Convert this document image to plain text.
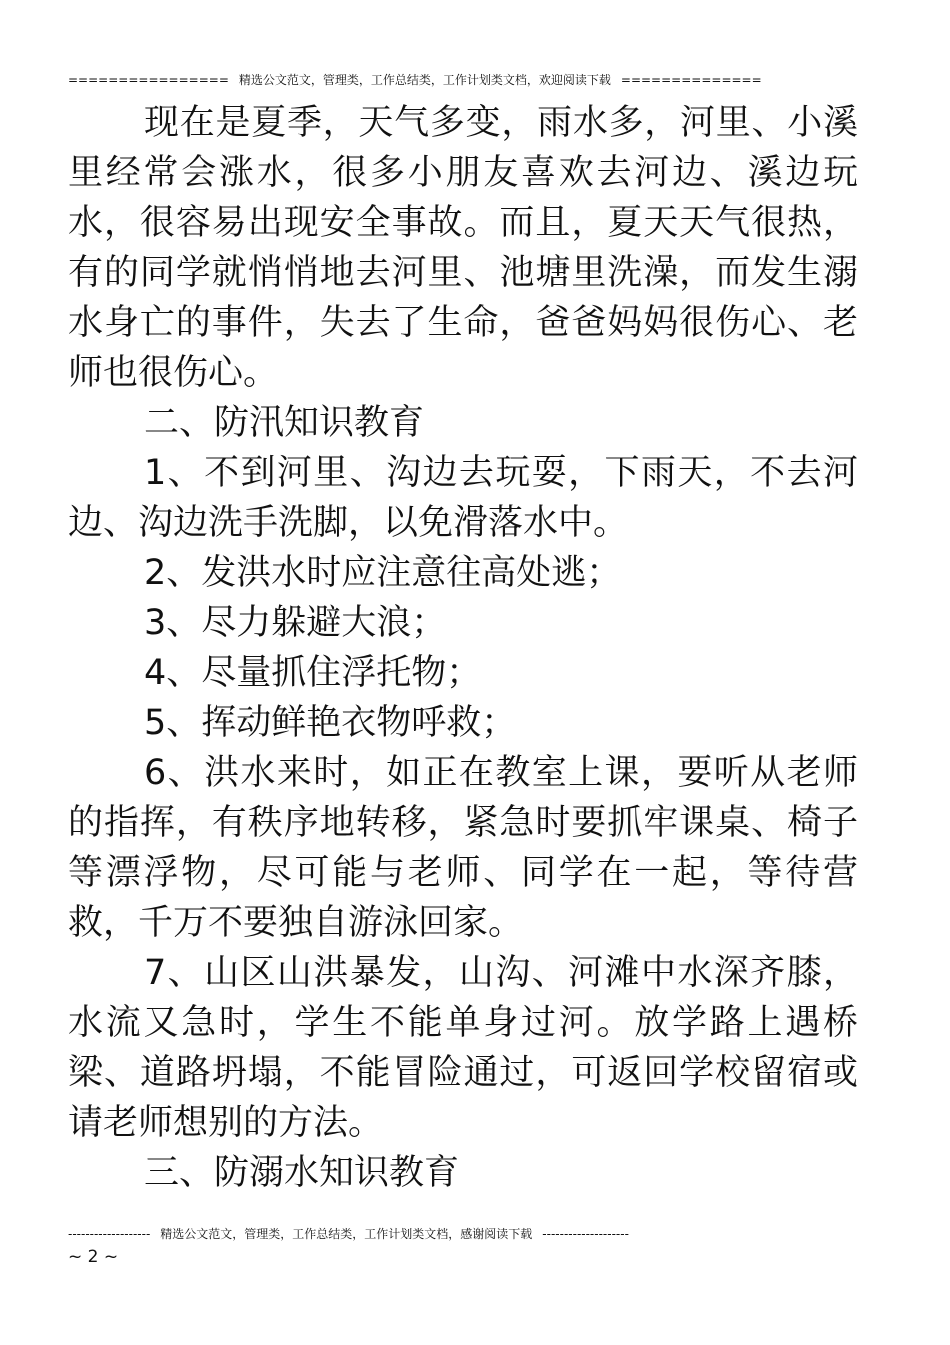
================ 精选公文范文，管理类，工作总结类，工作计划类文档，欢迎阅读下载 ==============

现在是夏季，天气多变，雨水多，河里、小溪里经常会涨水，很多小朋友喜欢去河边、溪边玩水，很容易出现安全事故。而且，夏天天气很热，有的同学就悄悄地去河里、池塘里洗澡，而发生溺水身亡的事件，失去了生命，爸爸妈妈很伤心、老师也很伤心。

二、防汛知识教育

1、不到河里、沟边去玩耍，下雨天，不去河边、沟边洗手洗脚，以免滑落水中。

2、发洪水时应注意往高处逃；

3、尽力躲避大浪；

4、尽量抓住浮托物；

5、挥动鲜艳衣物呼救；

6、洪水来时，如正在教室上课，要听从老师的指挥，有秩序地转移，紧急时要抓牢课桌、椅子等漂浮物，尽可能与老师、同学在一起，等待营救，千万不要独自游泳回家。

7、山区山洪暴发，山沟、河滩中水深齐膝，水流又急时，学生不能单身过河。放学路上遇桥梁、道路坍塌，不能冒险通过，可返回学校留宿或请老师想别的方法。

三、防溺水知识教育

------------------- 精选公文范文，管理类，工作总结类，工作计划类文档，感谢阅读下载 --------------------
~ 2 ~
